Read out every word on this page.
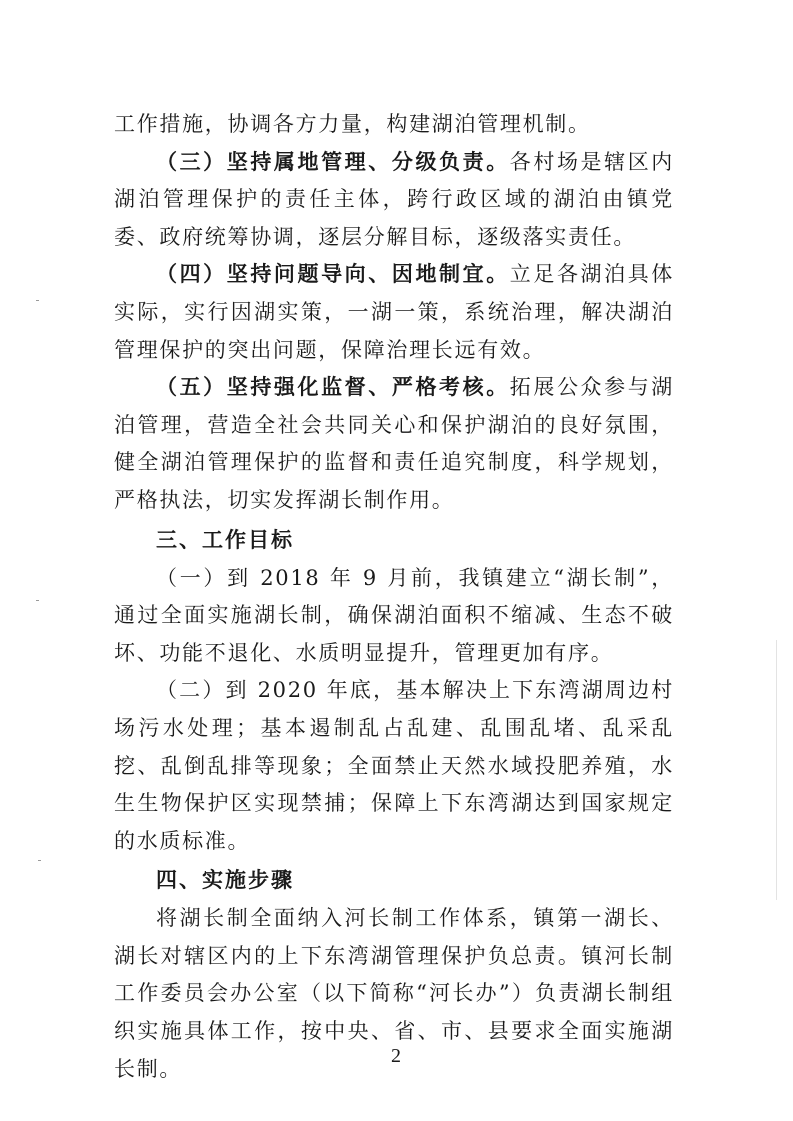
工作措施，协调各方力量，构建湖泊管理机制。

（三）坚持属地管理、分级负责。各村场是辖区内湖泊管理保护的责任主体，跨行政区域的湖泊由镇党委、政府统筹协调，逐层分解目标，逐级落实责任。

（四）坚持问题导向、因地制宜。立足各湖泊具体实际，实行因湖实策，一湖一策，系统治理，解决湖泊管理保护的突出问题，保障治理长远有效。

（五）坚持强化监督、严格考核。拓展公众参与湖泊管理，营造全社会共同关心和保护湖泊的良好氛围，健全湖泊管理保护的监督和责任追究制度，科学规划，严格执法，切实发挥湖长制作用。

三、工作目标

（一）到 2018 年 9 月前，我镇建立“湖长制”，通过全面实施湖长制，确保湖泊面积不缩减、生态不破坏、功能不退化、水质明显提升，管理更加有序。

（二）到 2020 年底，基本解决上下东湾湖周边村场污水处理；基本遏制乱占乱建、乱围乱堵、乱采乱挖、乱倒乱排等现象；全面禁止天然水域投肥养殖，水生生物保护区实现禁捕；保障上下东湾湖达到国家规定的水质标准。

四、实施步骤

将湖长制全面纳入河长制工作体系，镇第一湖长、湖长对辖区内的上下东湾湖管理保护负总责。镇河长制工作委员会办公室（以下简称“河长办”）负责湖长制组织实施具体工作，按中央、省、市、县要求全面实施湖长制。

2
